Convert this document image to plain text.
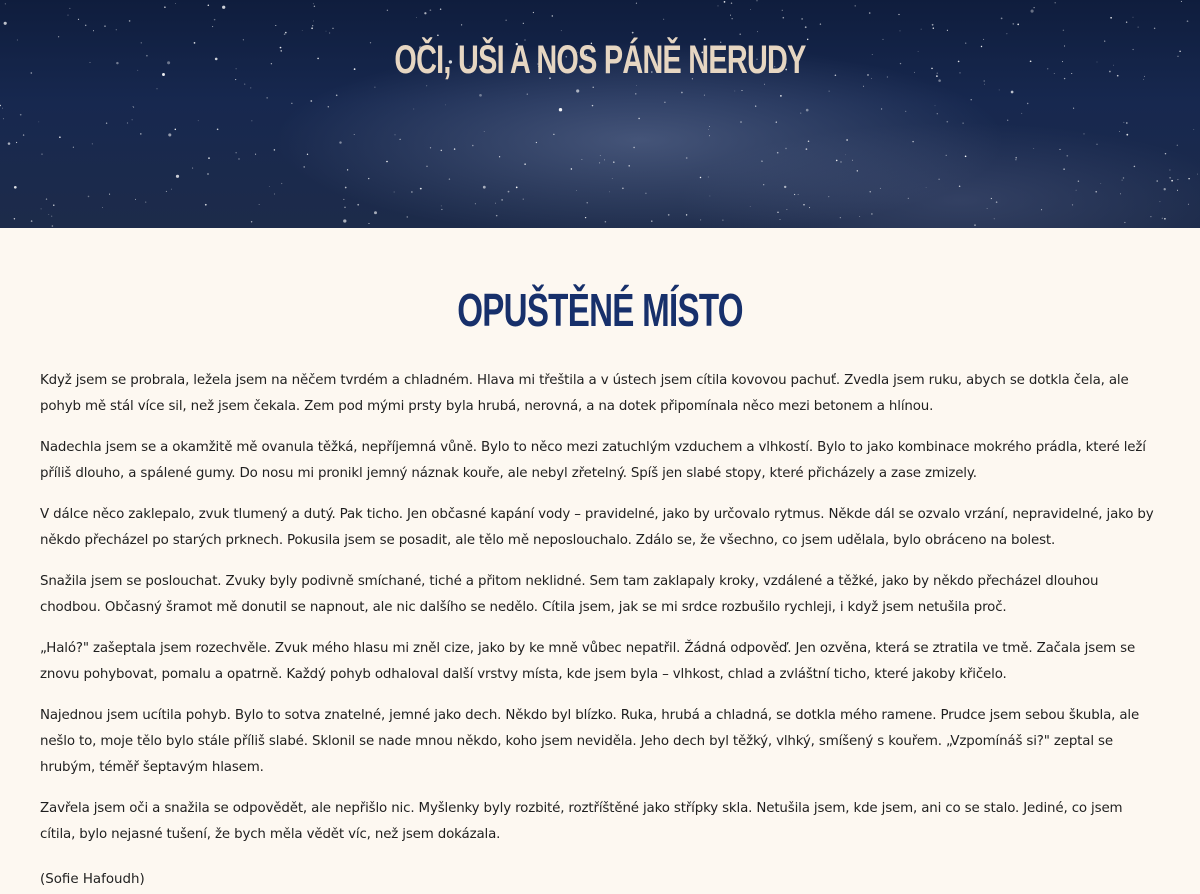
OČI, UŠI A NOS PÁNĚ NERUDY
OPUŠTĚNÉ MÍSTO

Když jsem se probrala, ležela jsem na něčem tvrdém a chladném. Hlava mi třeštila a v ústech jsem cítila kovovou pachuť. Zvedla jsem ruku, abych se dotkla čela, ale pohyb mě stál více sil, než jsem čekala. Zem pod mými prsty byla hrubá, nerovná, a na dotek připomínala něco mezi betonem a hlínou.

Nadechla jsem se a okamžitě mě ovanula těžká, nepříjemná vůně. Bylo to něco mezi zatuchlým vzduchem a vlhkostí. Bylo to jako kombinace mokrého prádla, které leží příliš dlouho, a spálené gumy. Do nosu mi pronikl jemný náznak kouře, ale nebyl zřetelný. Spíš jen slabé stopy, které přicházely a zase zmizely.

V dálce něco zaklepalo, zvuk tlumený a dutý. Pak ticho. Jen občasné kapání vody – pravidelné, jako by určovalo rytmus. Někde dál se ozvalo vrzání, nepravidelné, jako by někdo přecházel po starých prknech. Pokusila jsem se posadit, ale tělo mě neposlouchalo. Zdálo se, že všechno, co jsem udělala, bylo obráceno na bolest.

Snažila jsem se poslouchat. Zvuky byly podivně smíchané, tiché a přitom neklidné. Sem tam zaklapaly kroky, vzdálené a těžké, jako by někdo přecházel dlouhou chodbou. Občasný šramot mě donutil se napnout, ale nic dalšího se nedělo. Cítila jsem, jak se mi srdce rozbušilo rychleji, i když jsem netušila proč.

„Haló?" zašeptala jsem rozechvěle. Zvuk mého hlasu mi zněl cize, jako by ke mně vůbec nepatřil. Žádná odpověď. Jen ozvěna, která se ztratila ve tmě. Začala jsem se znovu pohybovat, pomalu a opatrně. Každý pohyb odhaloval další vrstvy místa, kde jsem byla – vlhkost, chlad a zvláštní ticho, které jakoby křičelo.

Najednou jsem ucítila pohyb. Bylo to sotva znatelné, jemné jako dech. Někdo byl blízko. Ruka, hrubá a chladná, se dotkla mého ramene. Prudce jsem sebou škubla, ale nešlo to, moje tělo bylo stále příliš slabé. Sklonil se nade mnou někdo, koho jsem neviděla. Jeho dech byl těžký, vlhký, smíšený s kouřem. „Vzpomínáš si?" zeptal se hrubým, téměř šeptavým hlasem.

Zavřela jsem oči a snažila se odpovědět, ale nepřišlo nic. Myšlenky byly rozbité, roztříštěné jako střípky skla. Netušila jsem, kde jsem, ani co se stalo. Jediné, co jsem cítila, bylo nejasné tušení, že bych měla vědět víc, než jsem dokázala.

(Sofie Hafoudh)
